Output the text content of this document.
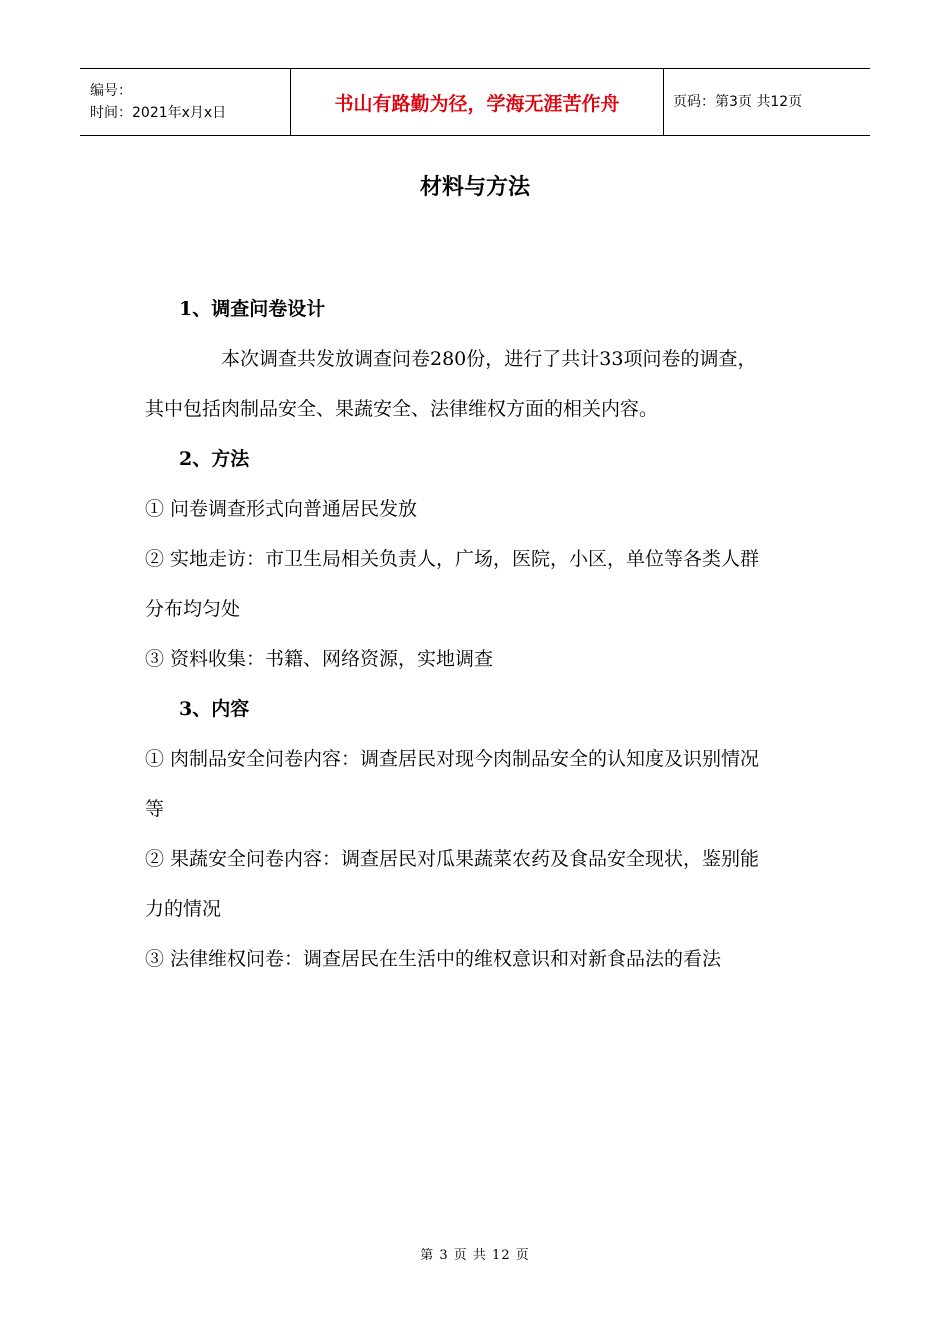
编号：
时间：2021年x月x日	书山有路勤为径，学海无涯苦作舟	页码：第3页 共12页
材料与方法
1、调查问卷设计
本次调查共发放调查问卷280份，进行了共计33项问卷的调查，
其中包括肉制品安全、果蔬安全、法律维权方面的相关内容。
2、方法
① 问卷调查形式向普通居民发放
② 实地走访：市卫生局相关负责人，广场，医院，小区，单位等各类人群
分布均匀处
③ 资料收集：书籍、网络资源，实地调查
3、内容
① 肉制品安全问卷内容：调查居民对现今肉制品安全的认知度及识别情况
等
② 果蔬安全问卷内容：调查居民对瓜果蔬菜农药及食品安全现状，鉴别能
力的情况
③ 法律维权问卷：调查居民在生活中的维权意识和对新食品法的看法
第 3 页 共 12 页
